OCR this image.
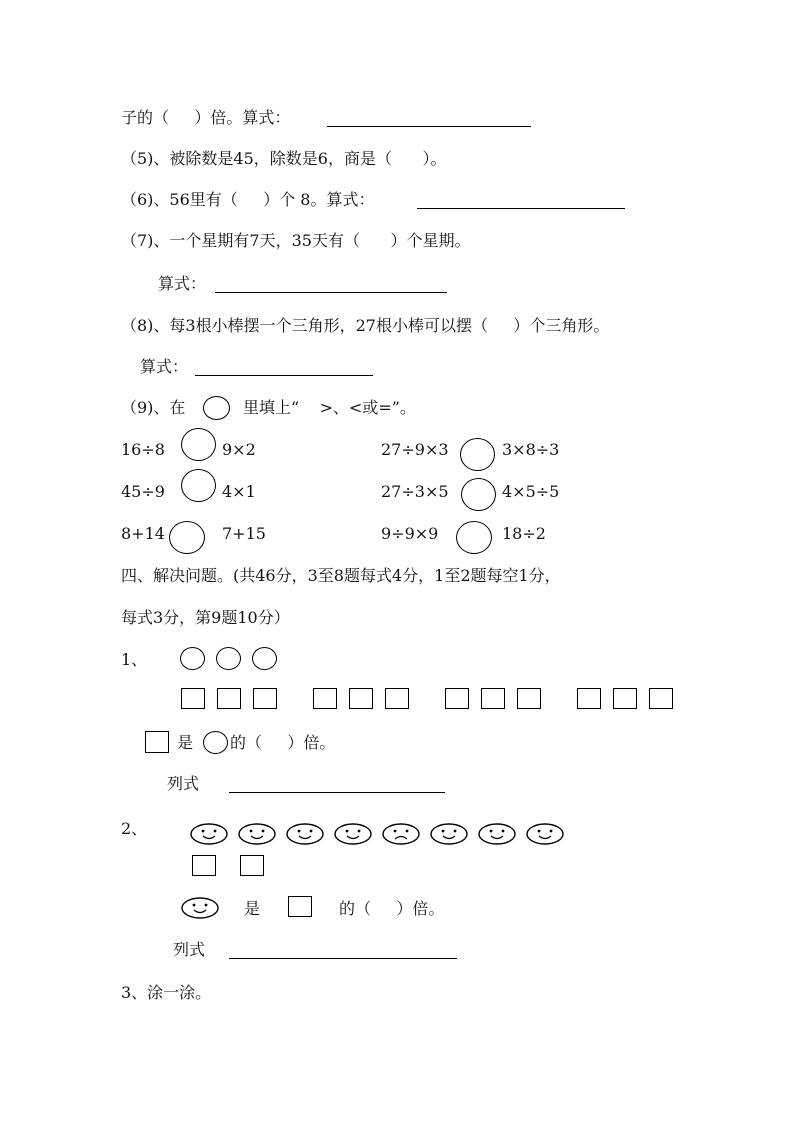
子的（     ）倍。算式：
（5)、被除数是45，除数是6，商是（      ）。
（6)、56里有（     ）个 8。算式：
（7)、一个星期有7天，35天有（      ）个星期。
算式：
（8)、每3根小棒摆一个三角形，27根小棒可以摆（     ）个三角形。
算式：
（9)、在	里填上“    >、<或=”。
16÷8	9×2	27÷9×3	3×8÷3
45÷9	4×1	27÷3×5	4×5÷5
8+14	7+15	9÷9×9	18÷2
四、解决问题。(共46分，3至8题每式4分，1至2题每空1分，
每式3分，第9题10分）
1、
是 的（     ）倍。
列式
2、
是	的（     ）倍。
列式
3、涂一涂。
